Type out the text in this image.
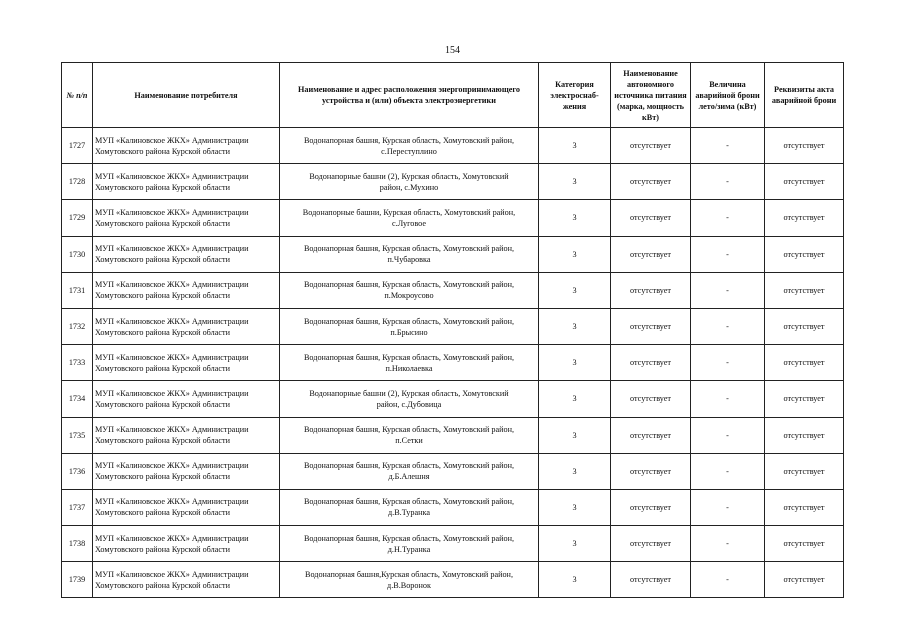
154
№ п/п	Наименование потребителя	Наименование и адрес расположения энергопринимающего устройства и (или) объекта электроэнергетики	Категория электроснаб-жения	Наименование автономного источника питания (марка, мощность кВт)	Величина аварийной брони лето/зима (кВт)	Реквизиты акта аварийной брони
1727	МУП «Калиновское ЖКХ» Администрации
Хомутовского района Курской области	Водонапорная башня, Курская область, Хомутовский район,
с.Переступлино	3	отсутствует	-	отсутствует
1728	МУП «Калиновское ЖКХ» Администрации
Хомутовского района Курской области	Водонапорные башни (2), Курская область, Хомутовский
район, с.Мухино	3	отсутствует	-	отсутствует
1729	МУП «Калиновское ЖКХ» Администрации
Хомутовского района Курской области	Водонапорные башни, Курская область, Хомутовский район,
с.Луговое	3	отсутствует	-	отсутствует
1730	МУП «Калиновское ЖКХ» Администрации
Хомутовского района Курской области	Водонапорная башня, Курская область, Хомутовский район,
п.Чубаровка	3	отсутствует	-	отсутствует
1731	МУП «Калиновское ЖКХ» Администрации
Хомутовского района Курской области	Водонапорная башня, Курская область, Хомутовский район,
п.Мокроусово	3	отсутствует	-	отсутствует
1732	МУП «Калиновское ЖКХ» Администрации
Хомутовского района Курской области	Водонапорная башня, Курская область, Хомутовский район,
п.Брысино	3	отсутствует	-	отсутствует
1733	МУП «Калиновское ЖКХ» Администрации
Хомутовского района Курской области	Водонапорная башня, Курская область, Хомутовский район,
п.Николаевка	3	отсутствует	-	отсутствует
1734	МУП «Калиновское ЖКХ» Администрации
Хомутовского района Курской области	Водонапорные башни (2), Курская область, Хомутовский
район, с.Дубовица	3	отсутствует	-	отсутствует
1735	МУП «Калиновское ЖКХ» Администрации
Хомутовского района Курской области	Водонапорная башня, Курская область, Хомутовский район,
п.Сетки	3	отсутствует	-	отсутствует
1736	МУП «Калиновское ЖКХ» Администрации
Хомутовского района Курской области	Водонапорная башня, Курская область, Хомутовский район,
д.Б.Алешня	3	отсутствует	-	отсутствует
1737	МУП «Калиновское ЖКХ» Администрации
Хомутовского района Курской области	Водонапорная башня, Курская область, Хомутовский район,
д.В.Туранка	3	отсутствует	-	отсутствует
1738	МУП «Калиновское ЖКХ» Администрации
Хомутовского района Курской области	Водонапорная башня, Курская область, Хомутовский район,
д.Н.Туранка	3	отсутствует	-	отсутствует
1739	МУП «Калиновское ЖКХ» Администрации
Хомутовского района Курской области	Водонапорная башня,Курская область, Хомутовский район,
д.В.Воронок	3	отсутствует	-	отсутствует
